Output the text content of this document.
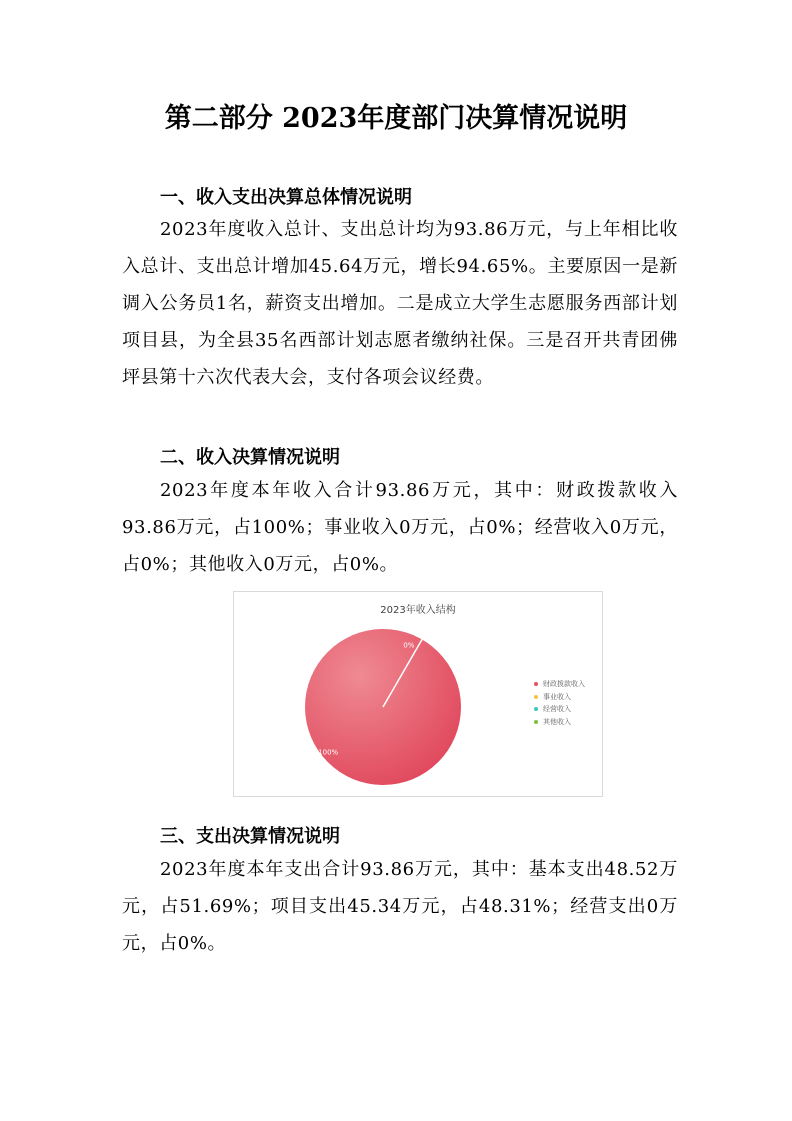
第二部分 2023年度部门决算情况说明
一、收入支出决算总体情况说明
2023年度收入总计、支出总计均为93.86万元，与上年相比收入总计、支出总计增加45.64万元，增长94.65%。主要原因一是新调入公务员1名，薪资支出增加。二是成立大学生志愿服务西部计划项目县，为全县35名西部计划志愿者缴纳社保。三是召开共青团佛坪县第十六次代表大会，支付各项会议经费。
二、收入决算情况说明
2023年度本年收入合计93.86万元，其中：财政拨款收入93.86万元，占100%；事业收入0万元，占0%；经营收入0万元，占0%；其他收入0万元，占0%。
2023年收入结构
100%
0%
财政拨款收入
事业收入
经营收入
其他收入
三、支出决算情况说明
2023年度本年支出合计93.86万元，其中：基本支出48.52万元，占51.69%；项目支出45.34万元，占48.31%；经营支出0万元，占0%。
